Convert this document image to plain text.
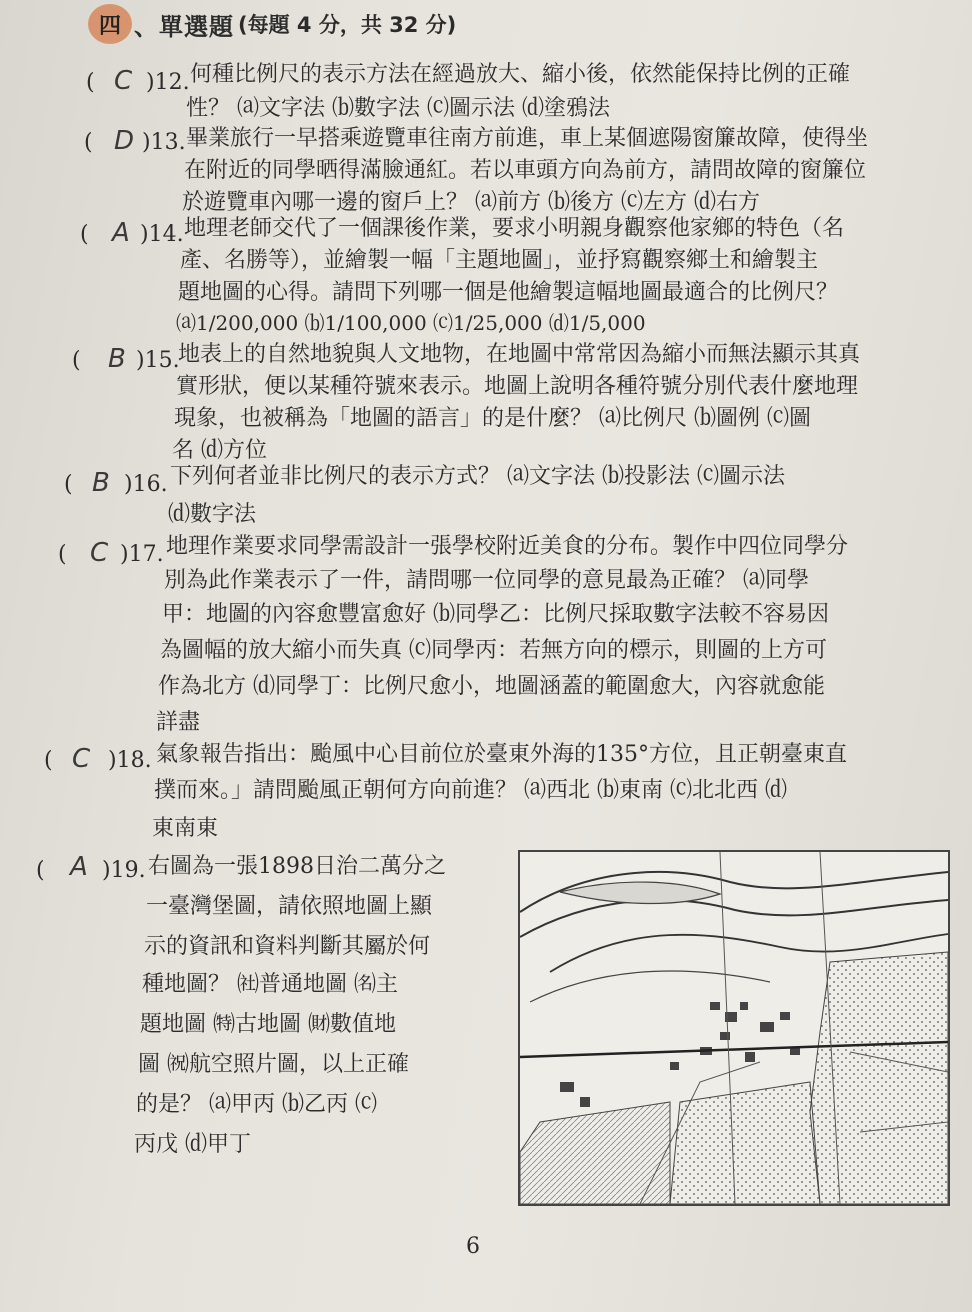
四 、單選題 (每題 4 分，共 32 分)
( C )12. 何種比例尺的表示方法在經過放大、縮小後，依然能保持比例的正確
性？ ⒜文字法 ⒝數字法 ⒞圖示法 ⒟塗鴉法
( D )13. 畢業旅行一早搭乘遊覽車往南方前進，車上某個遮陽窗簾故障，使得坐
在附近的同學晒得滿臉通紅。若以車頭方向為前方，請問故障的窗簾位
於遊覽車內哪一邊的窗戶上？ ⒜前方 ⒝後方 ⒞左方 ⒟右方
( A )14. 地理老師交代了一個課後作業，要求小明親身觀察他家鄉的特色（名
產、名勝等），並繪製一幅「主題地圖」，並抒寫觀察鄉土和繪製主
題地圖的心得。請問下列哪一個是他繪製這幅地圖最適合的比例尺？
⒜1/200,000 ⒝1/100,000 ⒞1/25,000 ⒟1/5,000
( B )15.
地表上的自然地貌與人文地物，在地圖中常常因為縮小而無法顯示其真
實形狀，便以某種符號來表示。地圖上說明各種符號分別代表什麼地理
現象，也被稱為「地圖的語言」的是什麼？ ⒜比例尺 ⒝圖例 ⒞圖
名 ⒟方位
( B )16. 下列何者並非比例尺的表示方式？ ⒜文字法 ⒝投影法 ⒞圖示法
⒟數字法
( C )17. 地理作業要求同學需設計一張學校附近美食的分布。製作中四位同學分
別為此作業表示了一件，請問哪一位同學的意見最為正確？ ⒜同學
甲：地圖的內容愈豐富愈好 ⒝同學乙：比例尺採取數字法較不容易因
為圖幅的放大縮小而失真 ⒞同學丙：若無方向的標示，則圖的上方可
作為北方 ⒟同學丁：比例尺愈小，地圖涵蓋的範圍愈大，內容就愈能
詳盡
( C )18. 氣象報告指出：颱風中心目前位於臺東外海的135°方位，且正朝臺東直
撲而來。」請問颱風正朝何方向前進？ ⒜西北 ⒝東南 ⒞北北西 ⒟
東南東
( A )19. 右圖為一張1898日治二萬分之
一臺灣堡圖，請依照地圖上顯
示的資訊和資料判斷其屬於何
種地圖？ ㈳普通地圖 ㈴主
題地圖 ㈵古地圖 ㈶數值地
圖 ㈷航空照片圖，以上正確
的是？ ⒜甲丙 ⒝乙丙 ⒞
丙戊 ⒟甲丁
6
